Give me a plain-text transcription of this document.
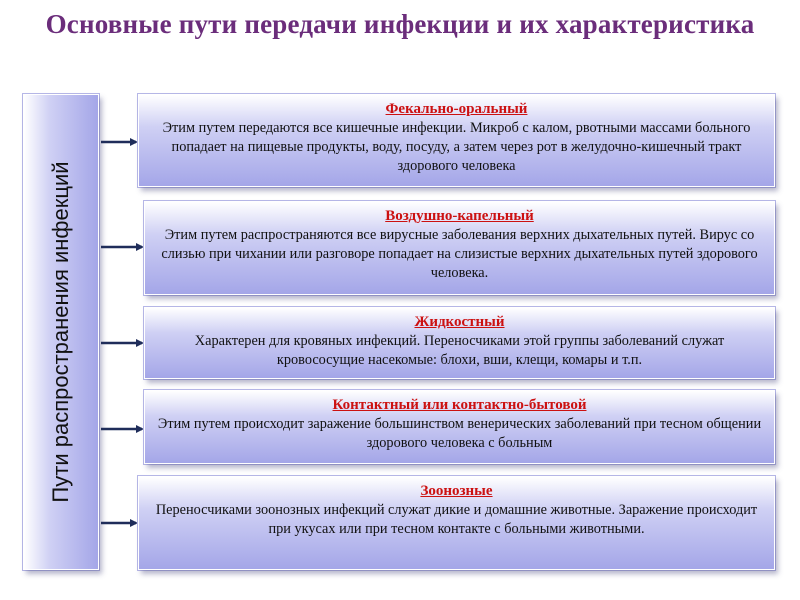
Основные пути передачи инфекции и их характеристика
Пути распространения инфекций
Фекально-оральный
Этим путем передаются все кишечные инфекции. Микроб с калом, рвотными массами больного попадает на пищевые продукты, воду, посуду, а затем через рот в желудочно-кишечный тракт здорового человека
Воздушно-капельный
Этим путем распространяются все вирусные заболевания верхних дыхательных путей. Вирус со слизью при чихании или разговоре попадает на слизистые верхних дыхательных путей здорового человека.
Жидкостный
Характерен для кровяных инфекций. Переносчиками этой группы заболеваний служат кровососущие насекомые: блохи, вши, клещи, комары и т.п.
Контактный или контактно-бытовой
Этим путем происходит заражение большинством венерических заболеваний при тесном общении здорового человека с больным
Зоонозные
Переносчиками зоонозных инфекций служат дикие и домашние животные. Заражение происходит при укусах или при тесном контакте с больными животными.
